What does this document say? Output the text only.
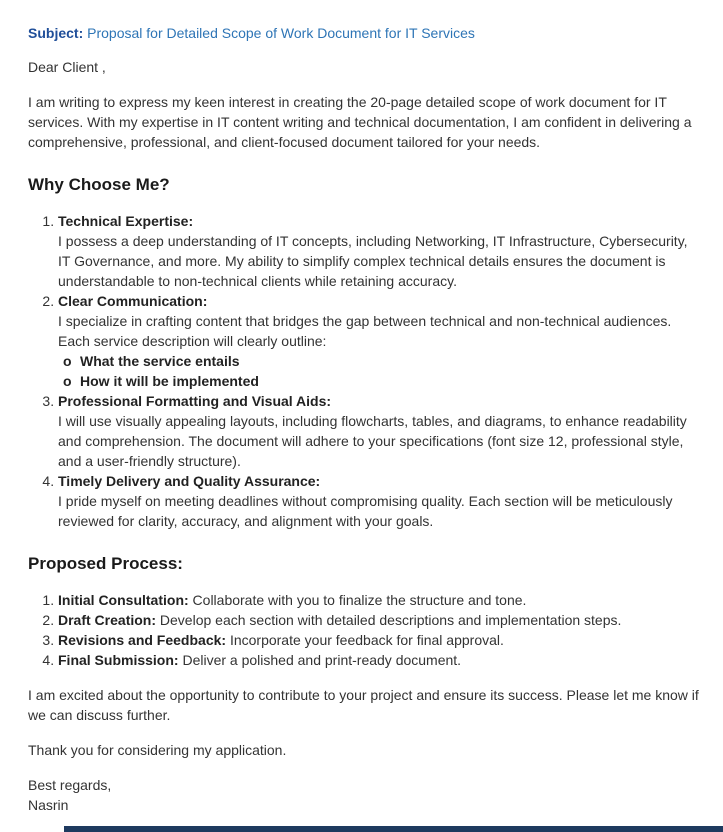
Subject: Proposal for Detailed Scope of Work Document for IT Services

Dear Client ,

I am writing to express my keen interest in creating the 20-page detailed scope of work document for IT services. With my expertise in IT content writing and technical documentation, I am confident in delivering a comprehensive, professional, and client-focused document tailored for your needs.

Why Choose Me?
1. Technical Expertise:
I possess a deep understanding of IT concepts, including Networking, IT Infrastructure, Cybersecurity, IT Governance, and more. My ability to simplify complex technical details ensures the document is understandable to non-technical clients while retaining accuracy.
2. Clear Communication:
I specialize in crafting content that bridges the gap between technical and non-technical audiences. Each service description will clearly outline:
o What the service entails
o How it will be implemented
3. Professional Formatting and Visual Aids:
I will use visually appealing layouts, including flowcharts, tables, and diagrams, to enhance readability and comprehension. The document will adhere to your specifications (font size 12, professional style, and a user-friendly structure).
4. Timely Delivery and Quality Assurance:
I pride myself on meeting deadlines without compromising quality. Each section will be meticulously reviewed for clarity, accuracy, and alignment with your goals.
Proposed Process:
1. Initial Consultation: Collaborate with you to finalize the structure and tone.
2. Draft Creation: Develop each section with detailed descriptions and implementation steps.
3. Revisions and Feedback: Incorporate your feedback for final approval.
4. Final Submission: Deliver a polished and print-ready document.

I am excited about the opportunity to contribute to your project and ensure its success. Please let me know if we can discuss further.

Thank you for considering my application.

Best regards,
Nasrin
